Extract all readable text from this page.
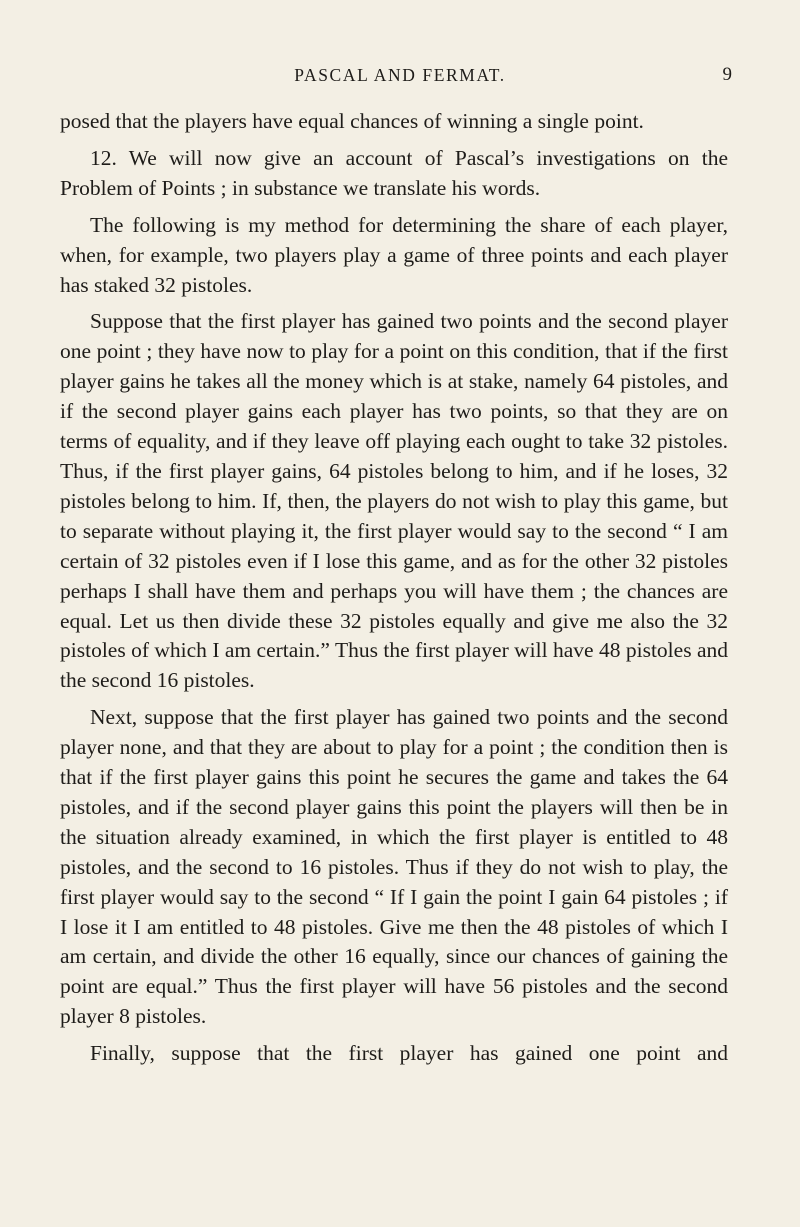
PASCAL AND FERMAT.	9

posed that the players have equal chances of winning a single point.

12. We will now give an account of Pascal’s investigations on the Problem of Points ; in substance we translate his words.

The following is my method for determining the share of each player, when, for example, two players play a game of three points and each player has staked 32 pistoles.

Suppose that the first player has gained two points and the second player one point ; they have now to play for a point on this condition, that if the first player gains he takes all the money which is at stake, namely 64 pistoles, and if the second player gains each player has two points, so that they are on terms of equality, and if they leave off playing each ought to take 32 pistoles. Thus, if the first player gains, 64 pistoles belong to him, and if he loses, 32 pistoles belong to him. If, then, the players do not wish to play this game, but to separate without playing it, the first player would say to the second “ I am certain of 32 pistoles even if I lose this game, and as for the other 32 pistoles perhaps I shall have them and perhaps you will have them ; the chances are equal. Let us then divide these 32 pistoles equally and give me also the 32 pistoles of which I am certain.” Thus the first player will have 48 pistoles and the second 16 pistoles.

Next, suppose that the first player has gained two points and the second player none, and that they are about to play for a point ; the condition then is that if the first player gains this point he secures the game and takes the 64 pistoles, and if the second player gains this point the players will then be in the situation already examined, in which the first player is entitled to 48 pistoles, and the second to 16 pistoles. Thus if they do not wish to play, the first player would say to the second “ If I gain the point I gain 64 pistoles ; if I lose it I am entitled to 48 pistoles. Give me then the 48 pistoles of which I am certain, and divide the other 16 equally, since our chances of gaining the point are equal.” Thus the first player will have 56 pistoles and the second player 8 pistoles.

Finally, suppose that the first player has gained one point and
